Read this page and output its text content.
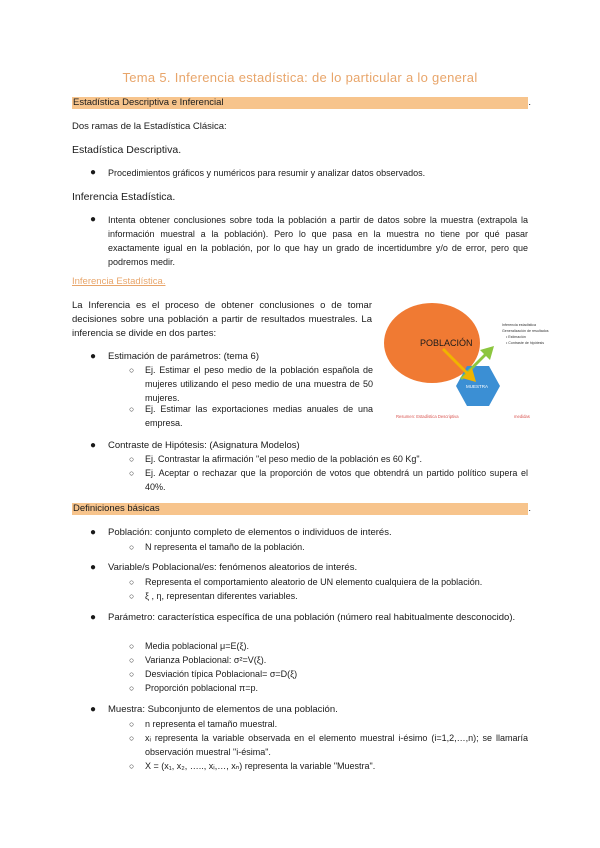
Tema 5. Inferencia estadística: de lo particular a lo general
Estadística Descriptiva e Inferencial	.
Dos ramas de la Estadística Clásica:
Estadística Descriptiva.
● Procedimientos gráficos y numéricos para resumir y analizar datos observados.
Inferencia Estadística.
● Intenta obtener conclusiones sobre toda la población a partir de datos sobre la muestra (extrapola la información muestral a la población). Pero lo que pasa en la muestra no tiene por qué pasar exactamente igual en la población, por lo que hay un grado de incertidumbre y/o de error, pero que podremos medir.
Inferencia Estadística.
La Inferencia es el proceso de obtener conclusiones o de tomar decisiones sobre una población a partir de resultados muestrales. La inferencia se divide en dos partes:
● Estimación de parámetros: (tema 6)
○ Ej. Estimar el peso medio de la población española de mujeres utilizando el peso medio de una muestra de 50 mujeres.
○ Ej. Estimar las exportaciones medias anuales de una empresa.
● Contraste de Hipótesis: (Asignatura Modelos)
○ Ej. Contrastar la afirmación "el peso medio de la población es 60 Kg".
○ Ej. Aceptar o rechazar que la proporción de votos que obtendrá un partido político supera el 40%.
POBLACIÓN
MUESTRA
Inferencia estadística
Generalización de resultados
• Estimación
• Contraste de hipótesis
Resumen: Estadística Descriptiva	medidas
Definiciones básicas	.
● Población: conjunto completo de elementos o individuos de interés.
○ N representa el tamaño de la población.
● Variable/s Poblacional/es: fenómenos aleatorios de interés.
○ Representa el comportamiento aleatorio de UN elemento cualquiera de la población.
○ ξ , η, representan diferentes variables.
● Parámetro: característica específica de una población (número real habitualmente desconocido).
○ Media poblacional μ=E(ξ).
○ Varianza Poblacional: σ²=V(ξ).
○ Desviación típica Poblacional= σ=D(ξ)
○ Proporción poblacional π=p.
● Muestra: Subconjunto de elementos de una población.
○ n representa el tamaño muestral.
○ xᵢ representa la variable observada en el elemento muestral i-ésimo (i=1,2,…,n); se llamaría observación muestral "i-ésima".
○ X = (x₁, x₂, ….., xᵢ,…, xₙ) representa la variable "Muestra".
